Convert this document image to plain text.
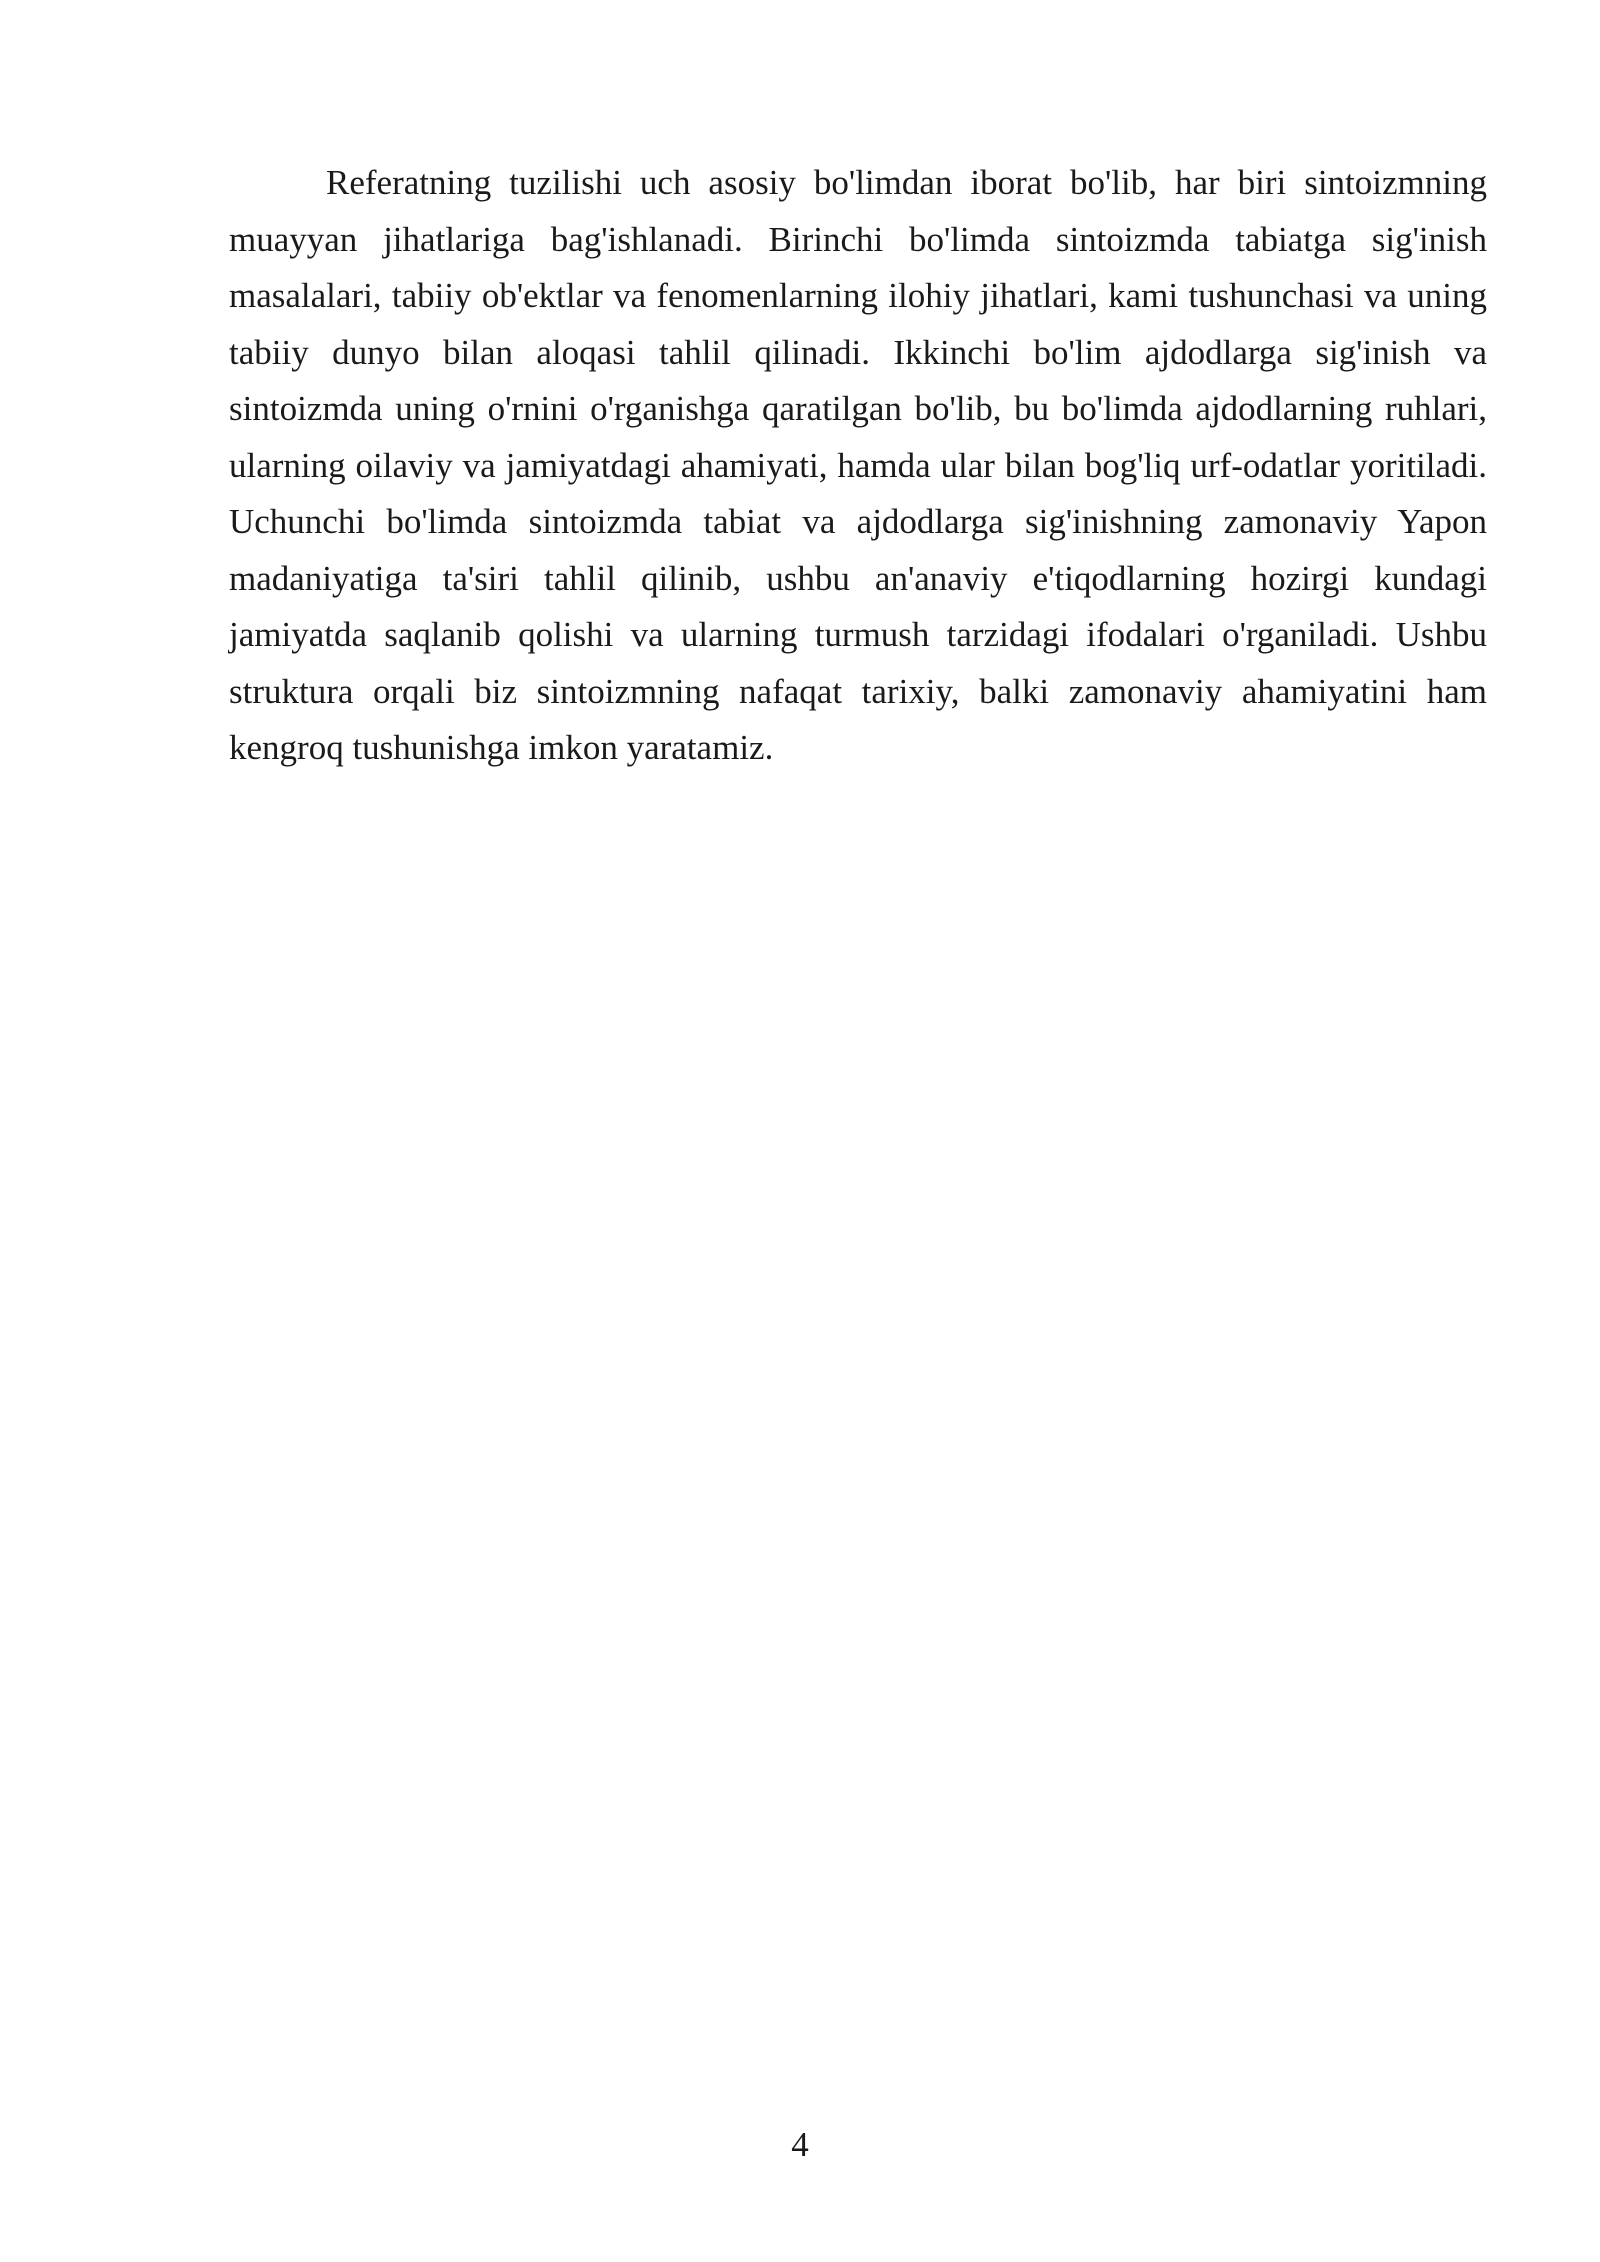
Referatning tuzilishi uch asosiy bo'limdan iborat bo'lib, har biri sintoizmning muayyan jihatlariga bag'ishlanadi. Birinchi bo'limda sintoizmda tabiatga sig'inish masalalari, tabiiy ob'ektlar va fenomenlarning ilohiy jihatlari, kami tushunchasi va uning tabiiy dunyo bilan aloqasi tahlil qilinadi. Ikkinchi bo'lim ajdodlarga sig'inish va sintoizmda uning o'rnini o'rganishga qaratilgan bo'lib, bu bo'limda ajdodlarning ruhlari, ularning oilaviy va jamiyatdagi ahamiyati, hamda ular bilan bog'liq urf-odatlar yoritiladi. Uchunchi bo'limda sintoizmda tabiat va ajdodlarga sig'inishning zamonaviy Yapon madaniyatiga ta'siri tahlil qilinib, ushbu an'anaviy e'tiqodlarning hozirgi kundagi jamiyatda saqlanib qolishi va ularning turmush tarzidagi ifodalari o'rganiladi. Ushbu struktura orqali biz sintoizmning nafaqat tarixiy, balki zamonaviy ahamiyatini ham kengroq tushunishga imkon yaratamiz.

4
